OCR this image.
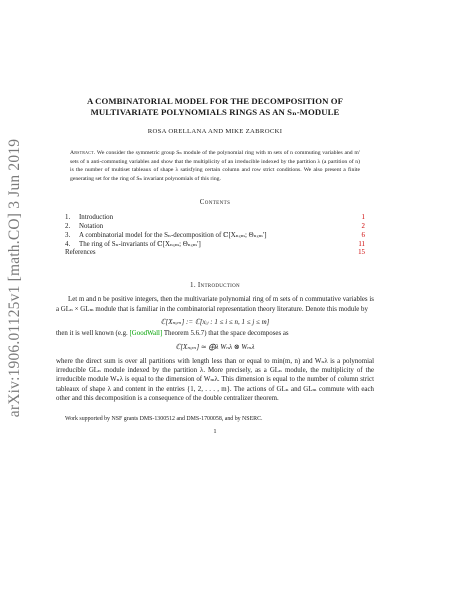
arXiv:1906.01125v1 [math.CO] 3 Jun 2019
A COMBINATORIAL MODEL FOR THE DECOMPOSITION OF
MULTIVARIATE POLYNOMIALS RINGS AS AN Sₙ-MODULE
ROSA ORELLANA AND MIKE ZABROCKI
Abstract. We consider the symmetric group Sₙ module of the polynomial ring with m sets of n commuting variables and m′ sets of n anti-commuting variables and show that the multiplicity of an irreducible indexed by the partition λ (a partition of n) is the number of multiset tableaux of shape λ satisfying certain column and row strict conditions. We also present a finite generating set for the ring of Sₙ invariant polynomials of this ring.
Contents
1.	Introduction	1
2.	Notation	2
3.	A combinatorial model for the Sₙ-decomposition of ℂ[Xₙₓₘ; Θₙₓₘ′]	6
4.	The ring of Sₙ-invariants of ℂ[Xₙₓₘ; Θₙₓₘ′]	11
References	15
1. Introduction
Let m and n be positive integers, then the multivariate polynomial ring of m sets of n commutative variables is a GLₙ × GLₘ module that is familiar in the combinatorial representation theory literature. Denote this module by
ℂ[Xₙₓₘ] := ℂ[xᵢⱼ : 1 ≤ i ≤ n, 1 ≤ j ≤ m]
then it is well known (e.g. [GoodWall] Theorem 5.6.7) that the space decomposes as
ℂ[Xₙₓₘ] ≃ ⨁λ Wₙλ ⊗ Wₘλ
where the direct sum is over all partitions with length less than or equal to min(m, n) and Wₙλ is a polynomial irreducible GLₙ module indexed by the partition λ. More precisely, as a GLₙ module, the multiplicity of the irreducible module Wₙλ is equal to the dimension of Wₘλ. This dimension is equal to the number of column strict tableaux of shape λ and content in the entries {1, 2, . . . , m}. The actions of GLₙ and GLₘ commute with each other and this decomposition is a consequence of the double centralizer theorem.
Work supported by NSF grants DMS-1300512 and DMS-1700058, and by NSERC.
1
